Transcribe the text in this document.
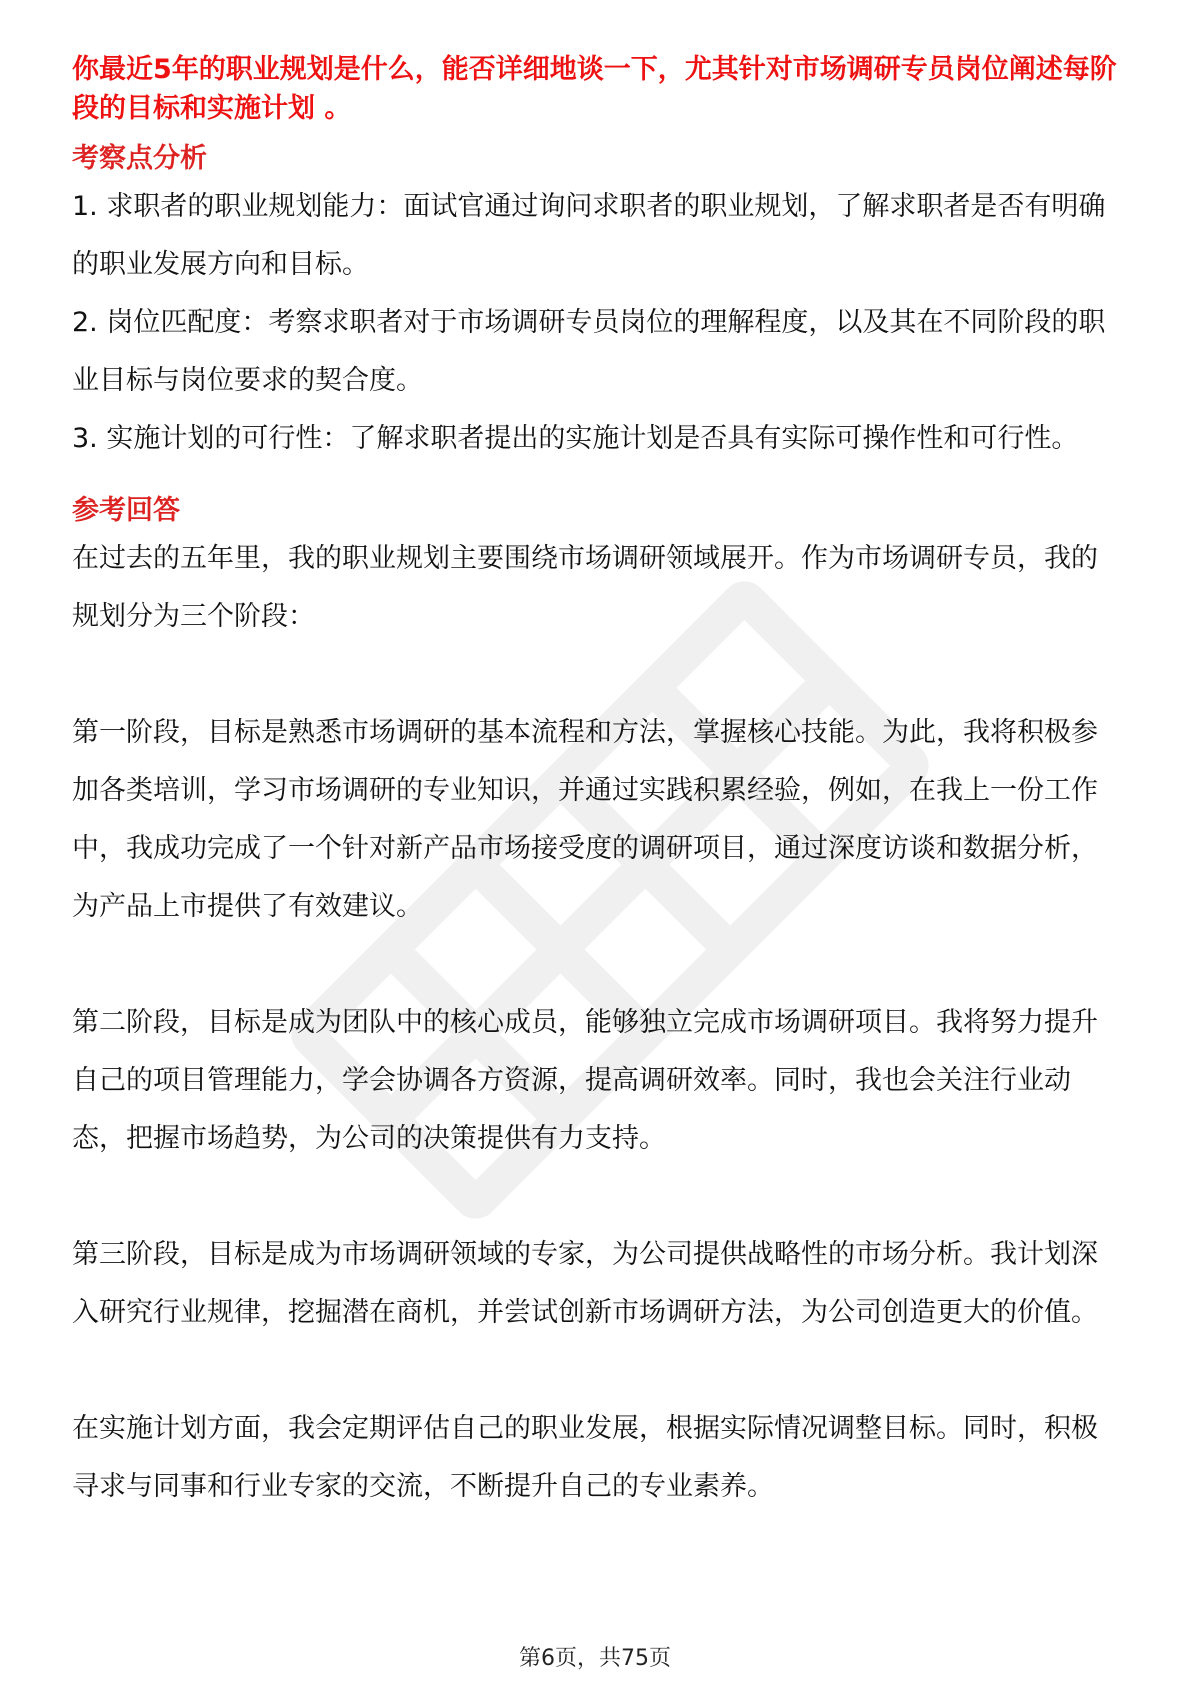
你最近5年的职业规划是什么，能否详细地谈一下，尤其针对市场调研专员岗位阐述每阶段的目标和实施计划 。

考察点分析

1. 求职者的职业规划能力：面试官通过询问求职者的职业规划，了解求职者是否有明确的职业发展方向和目标。

2. 岗位匹配度：考察求职者对于市场调研专员岗位的理解程度，以及其在不同阶段的职业目标与岗位要求的契合度。

3. 实施计划的可行性：了解求职者提出的实施计划是否具有实际可操作性和可行性。

参考回答

在过去的五年里，我的职业规划主要围绕市场调研领域展开。作为市场调研专员，我的规划分为三个阶段：

第一阶段，目标是熟悉市场调研的基本流程和方法，掌握核心技能。为此，我将积极参加各类培训，学习市场调研的专业知识，并通过实践积累经验，例如，在我上一份工作中，我成功完成了一个针对新产品市场接受度的调研项目，通过深度访谈和数据分析，为产品上市提供了有效建议。

第二阶段，目标是成为团队中的核心成员，能够独立完成市场调研项目。我将努力提升自己的项目管理能力，学会协调各方资源，提高调研效率。同时，我也会关注行业动态，把握市场趋势，为公司的决策提供有力支持。

第三阶段，目标是成为市场调研领域的专家，为公司提供战略性的市场分析。我计划深入研究行业规律，挖掘潜在商机，并尝试创新市场调研方法，为公司创造更大的价值。

在实施计划方面，我会定期评估自己的职业发展，根据实际情况调整目标。同时，积极寻求与同事和行业专家的交流，不断提升自己的专业素养。

第6页，共75页
